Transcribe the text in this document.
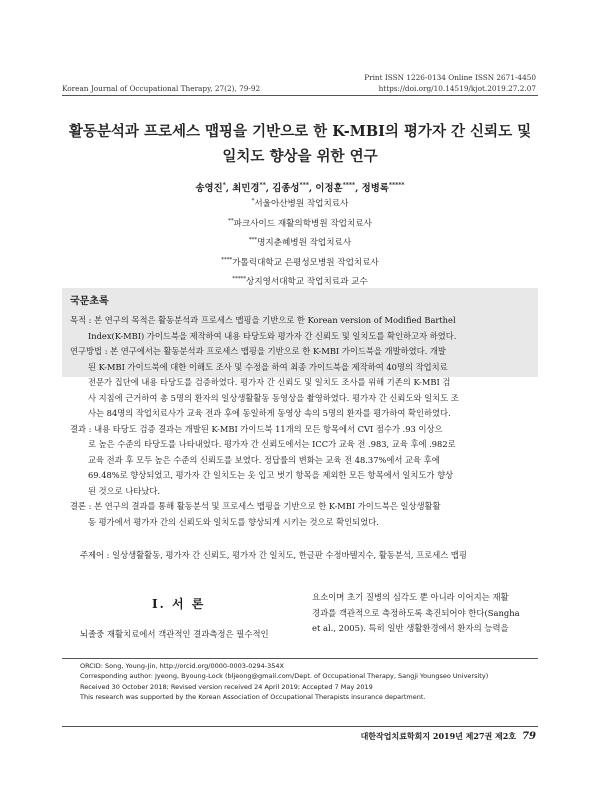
Korean Journal of Occupational Therapy, 27(2), 79-92
Print ISSN 1226-0134 Online ISSN 2671-4450
https://doi.org/10.14519/kjot.2019.27.2.07
활동분석과 프로세스 맵핑을 기반으로 한 K-MBI의 평가자 간 신뢰도 및
일치도 향상을 위한 연구
송영진*, 최민경**, 김종성***, 이정훈****, 정병록*****
*서울아산병원 작업치료사
**파크사이드 재활의학병원 작업치료사
***명지춘혜병원 작업치료사
****가톨릭대학교 은평성모병원 작업치료사
*****상지영서대학교 작업치료과 교수
국문초록
목적 : 본 연구의 목적은 활동분석과 프로세스 맵핑을 기반으로 한 Korean version of Modified Barthel
Index(K-MBI) 가이드북을 제작하여 내용 타당도와 평가자 간 신뢰도 및 일치도를 확인하고자 하였다.
연구방법 : 본 연구에서는 활동분석과 프로세스 맵핑을 기반으로 한 K-MBI 가이드북을 개발하였다. 개발
된 K-MBI 가이드북에 대한 이해도 조사 및 수정을 하여 최종 가이드북을 제작하여 40명의 작업치료
전문가 집단에 내용 타당도를 검증하였다. 평가자 간 신뢰도 및 일치도 조사를 위해 기존의 K-MBI 검
사 지침에 근거하여 총 5명의 환자의 일상생활활동 동영상을 촬영하였다. 평가자 간 신뢰도와 일치도 조
사는 84명의 작업치료사가 교육 전과 후에 동일하게 동영상 속의 5명의 환자를 평가하여 확인하였다.
결과 : 내용 타당도 검증 결과는 개발된 K-MBI 가이드북 11개의 모든 항목에서 CVI 점수가 .93 이상으
로 높은 수준의 타당도를 나타내었다. 평가자 간 신뢰도에서는 ICC가 교육 전 .983, 교육 후에 .982로
교육 전과 후 모두 높은 수준의 신뢰도를 보였다. 정답률의 변화는 교육 전 48.37%에서 교육 후에
69.48%로 향상되었고, 평가자 간 일치도는 옷 입고 벗기 항목을 제외한 모든 항목에서 일치도가 향상
된 것으로 나타났다.
결론 : 본 연구의 결과를 통해 활동분석 및 프로세스 맵핑을 기반으로 한 K-MBI 가이드북은 일상생활활
동 평가에서 평가자 간의 신뢰도와 일치도를 향상되게 시키는 것으로 확인되었다.
주제어 : 일상생활활동, 평가자 간 신뢰도, 평가자 간 일치도, 한글판 수정바텔지수, 활동분석, 프로세스 맵핑
Ⅰ. 서 론
뇌졸중 재활치료에서 객관적인 결과측정은 필수적인
요소이며 초기 질병의 심각도 뿐 아니라 이어지는 재활
경과를 객관적으로 측정하도록 촉진되어야 한다(Sangha
et al., 2005). 특히 일반 생활환경에서 환자의 능력을
ORCID: Song, Young-Jin, http://orcid.org/0000-0003-0294-354X
Corresponding author: Jyeong, Byoung-Lock (bljeong@gmail.com/Dept. of Occupational Therapy, Sangji Youngseo University)
Received 30 October 2018; Revised version received 24 April 2019; Accepted 7 May 2019
This research was supported by the Korean Association of Occupational Therapists insurance department.
대한작업치료학회지 2019년 제27권 제2호 79
